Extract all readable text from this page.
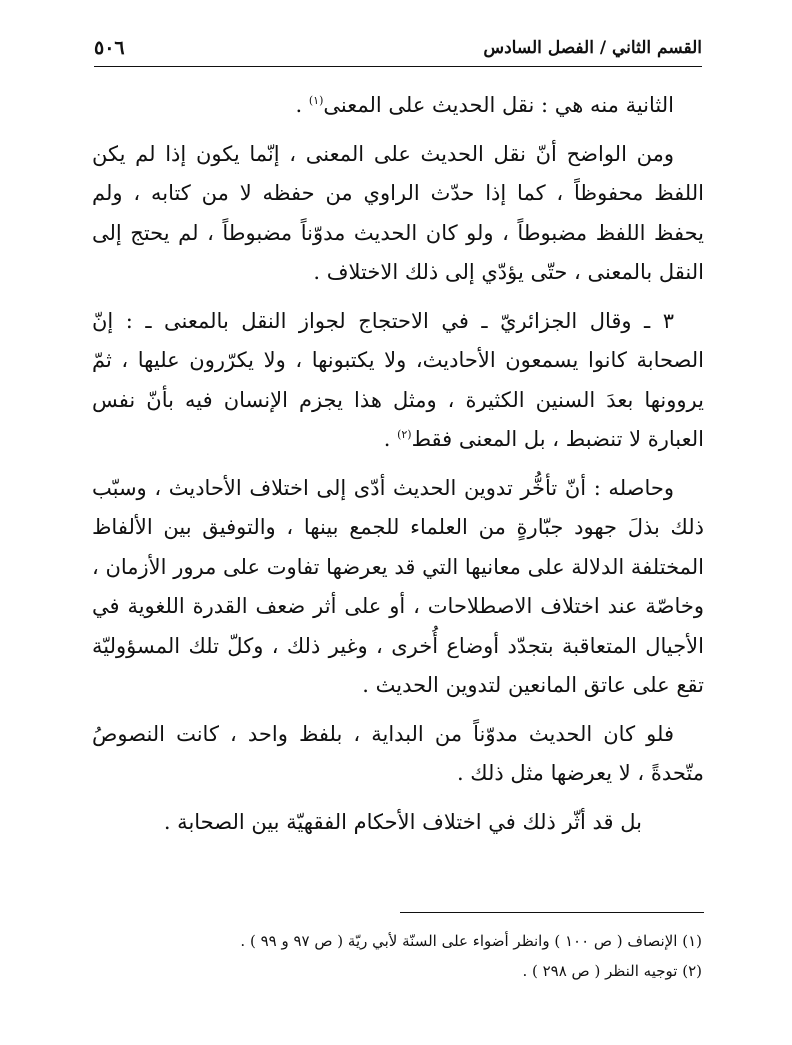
القسم الثاني / الفصل السادس
٥٠٦

الثانية منه هي : نقل الحديث على المعنى$^{(١)}$ .

ومن الواضح أنّ نقل الحديث على المعنى ، إنّما يكون إذا لم يكن اللفظ محفوظاً ، كما إذا حدّث الراوي من حفظه لا من كتابه ، ولم يحفظ اللفظ مضبوطاً ، ولو كان الحديث مدوّناً مضبوطاً ، لم يحتج إلى النقل بالمعنى ، حتّى يؤدّي إلى ذلك الاختلاف .

٣ ـ وقال الجزائريّ ـ في الاحتجاج لجواز النقل بالمعنى ـ : إنّ الصحابة كانوا يسمعون الأحاديث، ولا يكتبونها ، ولا يكرّرون عليها ، ثمّ يروونها بعدَ السنين الكثيرة ، ومثل هذا يجزم الإنسان فيه بأنّ نفس العبارة لا تنضبط ، بل المعنى فقط$^{(٢)}$ .

وحاصله : أنّ تأخُّر تدوين الحديث أدّى إلى اختلاف الأحاديث ، وسبّب ذلك بذلَ جهود جبّارةٍ من العلماء للجمع بينها ، والتوفيق بين الألفاظ المختلفة الدلالة على معانيها التي قد يعرضها تفاوت على مرور الأزمان ، وخاصّة عند اختلاف الاصطلاحات ، أو على أثر ضعف القدرة اللغوية في الأجيال المتعاقبة بتجدّد أوضاع أُخرى ، وغير ذلك ، وكلّ تلك المسؤوليّة تقع على عاتق المانعين لتدوين الحديث .

فلو كان الحديث مدوّناً من البداية ، بلفظ واحد ، كانت النصوصُ متّحدةً ، لا يعرضها مثل ذلك .

بل قد أثّر ذلك في اختلاف الأحكام الفقهيّة بين الصحابة .

(١) الإنصاف ( ص ١٠٠ ) وانظر أضواء على السنّة لأبي ريّة ( ص ٩٧ و ٩٩ ) .

(٢) توجيه النظر ( ص ٢٩٨ ) .
